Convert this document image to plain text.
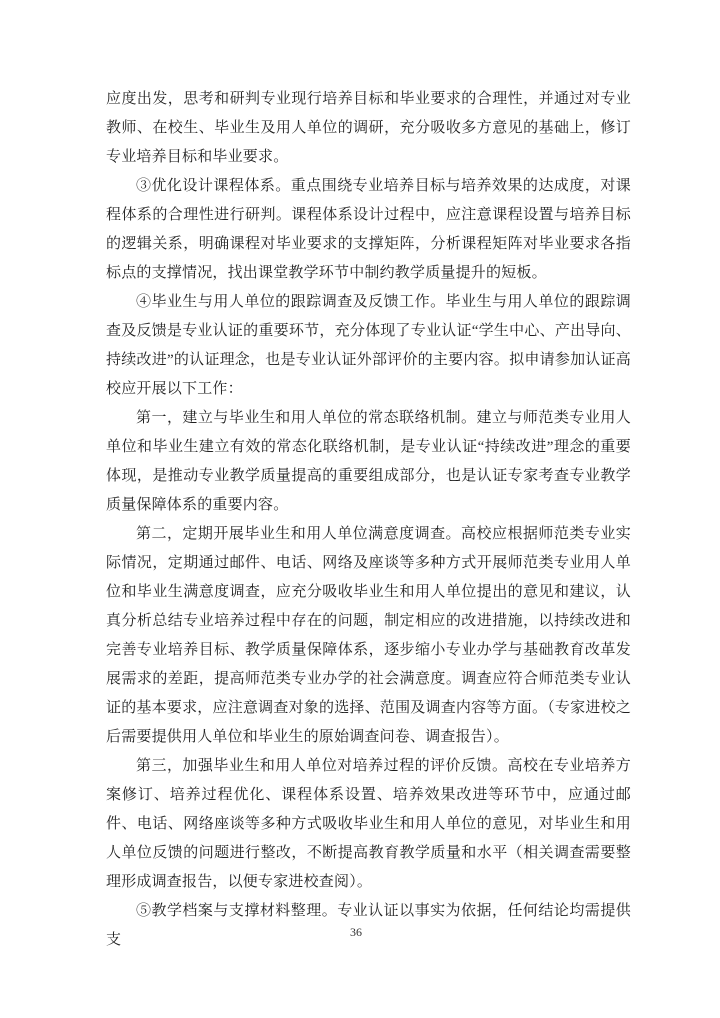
应度出发，思考和研判专业现行培养目标和毕业要求的合理性，并通过对专业教师、在校生、毕业生及用人单位的调研，充分吸收多方意见的基础上，修订专业培养目标和毕业要求。

③优化设计课程体系。重点围绕专业培养目标与培养效果的达成度，对课程体系的合理性进行研判。课程体系设计过程中，应注意课程设置与培养目标的逻辑关系，明确课程对毕业要求的支撑矩阵，分析课程矩阵对毕业要求各指标点的支撑情况，找出课堂教学环节中制约教学质量提升的短板。

④毕业生与用人单位的跟踪调查及反馈工作。毕业生与用人单位的跟踪调查及反馈是专业认证的重要环节，充分体现了专业认证“学生中心、产出导向、持续改进”的认证理念，也是专业认证外部评价的主要内容。拟申请参加认证高校应开展以下工作：

第一，建立与毕业生和用人单位的常态联络机制。建立与师范类专业用人单位和毕业生建立有效的常态化联络机制，是专业认证“持续改进”理念的重要体现，是推动专业教学质量提高的重要组成部分，也是认证专家考查专业教学质量保障体系的重要内容。

第二，定期开展毕业生和用人单位满意度调查。高校应根据师范类专业实际情况，定期通过邮件、电话、网络及座谈等多种方式开展师范类专业用人单位和毕业生满意度调查，应充分吸收毕业生和用人单位提出的意见和建议，认真分析总结专业培养过程中存在的问题，制定相应的改进措施，以持续改进和完善专业培养目标、教学质量保障体系，逐步缩小专业办学与基础教育改革发展需求的差距，提高师范类专业办学的社会满意度。调查应符合师范类专业认证的基本要求，应注意调查对象的选择、范围及调查内容等方面。（专家进校之后需要提供用人单位和毕业生的原始调查问卷、调查报告）。

第三，加强毕业生和用人单位对培养过程的评价反馈。高校在专业培养方案修订、培养过程优化、课程体系设置、培养效果改进等环节中，应通过邮件、电话、网络座谈等多种方式吸收毕业生和用人单位的意见，对毕业生和用人单位反馈的问题进行整改，不断提高教育教学质量和水平（相关调查需要整理形成调查报告，以便专家进校查阅）。

⑤教学档案与支撑材料整理。专业认证以事实为依据，任何结论均需提供支	36
